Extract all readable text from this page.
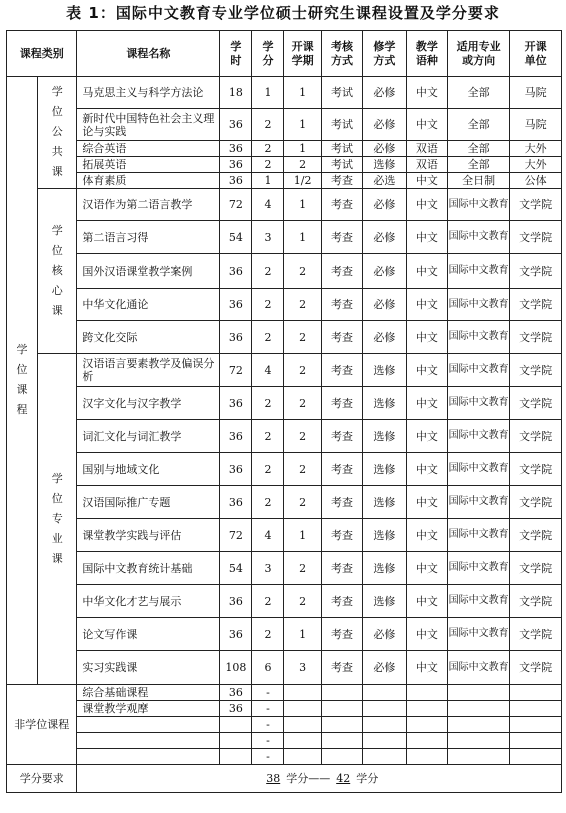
表 1：国际中文教育专业学位硕士研究生课程设置及学分要求
课程类别		课程名称	学时	学分	开课学期	考核方式	修学方式	教学语种	适用专业或方向	开课单位
学位课程	学位公共课	马克思主义与科学方法论	18	1	1	考试	必修	中文	全部	马院
		新时代中国特色社会主义理论与实践	36	2	1	考试	必修	中文	全部	马院
		综合英语	36	2	1	考试	必修	双语	全部	大外
		拓展英语	36	2	2	考试	选修	双语	全部	大外
		体育素质	36	1	1/2	考查	必选	中文	全日制	公体
	学位核心课	汉语作为第二语言教学	72	4	1	考查	必修	中文	国际中文教育	文学院
		第二语言习得	54	3	1	考查	必修	中文	国际中文教育	文学院
		国外汉语课堂教学案例	36	2	2	考查	必修	中文	国际中文教育	文学院
		中华文化通论	36	2	2	考查	必修	中文	国际中文教育	文学院
		跨文化交际	36	2	2	考查	必修	中文	国际中文教育	文学院
	学位专业课	汉语语言要素教学及偏误分析	72	4	2	考查	选修	中文	国际中文教育	文学院
		汉字文化与汉字教学	36	2	2	考查	选修	中文	国际中文教育	文学院
		词汇文化与词汇教学	36	2	2	考查	选修	中文	国际中文教育	文学院
		国别与地域文化	36	2	2	考查	选修	中文	国际中文教育	文学院
		汉语国际推广专题	36	2	2	考查	选修	中文	国际中文教育	文学院
		课堂教学实践与评估	72	4	1	考查	选修	中文	国际中文教育	文学院
		国际中文教育统计基础	54	3	2	考查	选修	中文	国际中文教育	文学院
		中华文化才艺与展示	36	2	2	考查	选修	中文	国际中文教育	文学院
		论文写作课	36	2	1	考查	必修	中文	国际中文教育	文学院
		实习实践课	108	6	3	考查	必修	中文	国际中文教育	文学院
非学位课程		综合基础课程	36	-						
		课堂教学观摩	36	-						
				-						
				-						
				-						
学分要求		38 学分—— 42 学分								
